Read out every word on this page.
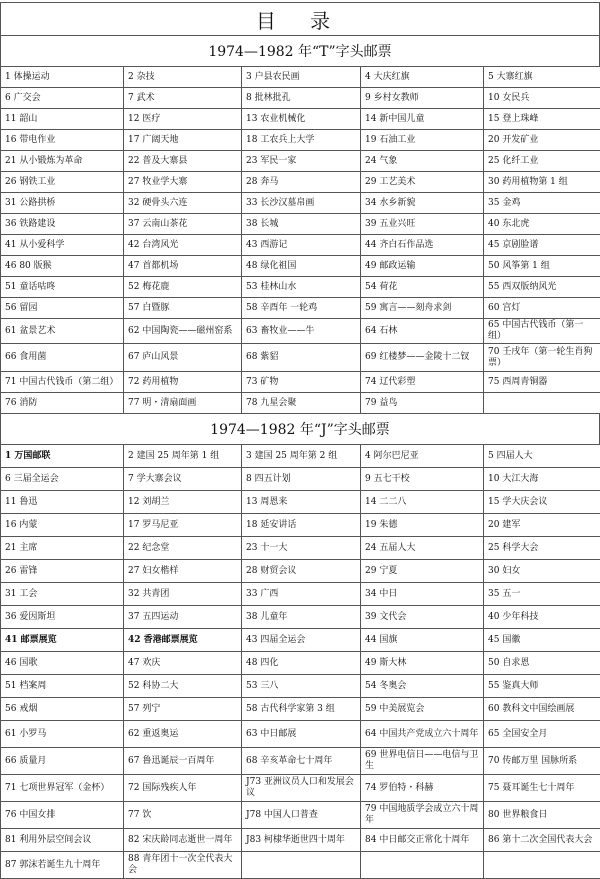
目 录
1974—1982 年“T”字头邮票
1 体操运动	2 杂技	3 户县农民画	4 大庆红旗	5 大寨红旗
6 广交会	7 武术	8 批林批孔	9 乡村女教师	10 女民兵
11 韶山	12 医疗	13 农业机械化	14 新中国儿童	15 登上珠峰
16 带电作业	17 广阔天地	18 工农兵上大学	19 石油工业	20 开发矿业
21 从小锻炼为革命	22 普及大寨县	23 军民一家	24 气象	25 化纤工业
26 钢铁工业	27 牧业学大寨	28 奔马	29 工艺美术	30 药用植物第 1 组
31 公路拱桥	32 硬骨头六连	33 长沙汉墓帛画	34 水乡新貌	35 金鸡
36 铁路建设	37 云南山茶花	38 长城	39 五业兴旺	40 东北虎
41 从小爱科学	42 台湾风光	43 西游记	44 齐白石作品选	45 京剧脸谱
46 80 版猴	47 首都机场	48 绿化祖国	49 邮政运输	50 风筝第 1 组
51 童话咕咚	52 梅花鹿	53 桂林山水	54 荷花	55 西双版纳风光
56 留园	57 白暨豚	58 辛酉年 一轮鸡	59 寓言——刻舟求剑	60 宫灯
61 盆景艺术	62 中国陶瓷——磁州窑系	63 畜牧业——牛	64 石林	65 中国古代钱币（第一组）
66 食用菌	67 庐山风景	68 紫貂	69 红楼梦——金陵十二钗	70 壬戌年（第一轮生肖狗票）
71 中国古代钱币（第二组）	72 药用植物	73 矿物	74 辽代彩塑	75 西周青铜器
76 消防	77 明・清扇面画	78 九星会聚	79 益鸟	
1974—1982 年“J”字头邮票
1 万国邮联	2 建国 25 周年第 1 组	3 建国 25 周年第 2 组	4 阿尔巴尼亚	5 四届人大
6 三届全运会	7 学大寨会议	8 四五计划	9 五七干校	10 大江大海
11 鲁迅	12 刘胡兰	13 周恩来	14 二二八	15 学大庆会议
16 内蒙	17 罗马尼亚	18 延安讲话	19 朱德	20 建军
21 主席	22 纪念堂	23 十一大	24 五届人大	25 科学大会
26 雷锋	27 妇女楷样	28 财贸会议	29 宁夏	30 妇女
31 工会	32 共青团	33 广西	34 中日	35 五一
36 爱因斯坦	37 五四运动	38 儿童年	39 文代会	40 少年科技
41 邮票展览	42 香港邮票展览	43 四届全运会	44 国旗	45 国徽
46 国歌	47 欢庆	48 四化	49 斯大林	50 自求恩
51 档案周	52 科协二大	53 三八	54 冬奥会	55 鉴真大师
56 戒烟	57 列宁	58 古代科学家第 3 组	59 中美展览会	60 教科文中国绘画展
61 小罗马	62 重返奥运	63 中日邮展	64 中国共产党成立六十周年	65 全国安全月
66 质量月	67 鲁迅诞辰一百周年	68 辛亥革命七十周年	69 世界电信日——电信与卫生	70 传邮万里 国脉所系
71 七项世界冠军（金杯）	72 国际残疾人年	J73 亚洲议员人口和发展会议	74 罗伯特・科赫	75 聂耳诞生七十周年
76 中国女排	77 饮	J78 中国人口普查	79 中国地质学会成立六十周年	80 世界粮食日
81 利用外层空间会议	82 宋庆龄同志逝世一周年	J83 柯棣华逝世四十周年	84 中日邮交正常化十周年	86 第十二次全国代表大会
87 郭沫若诞生九十周年	88 青年团十一次全代表大会			
